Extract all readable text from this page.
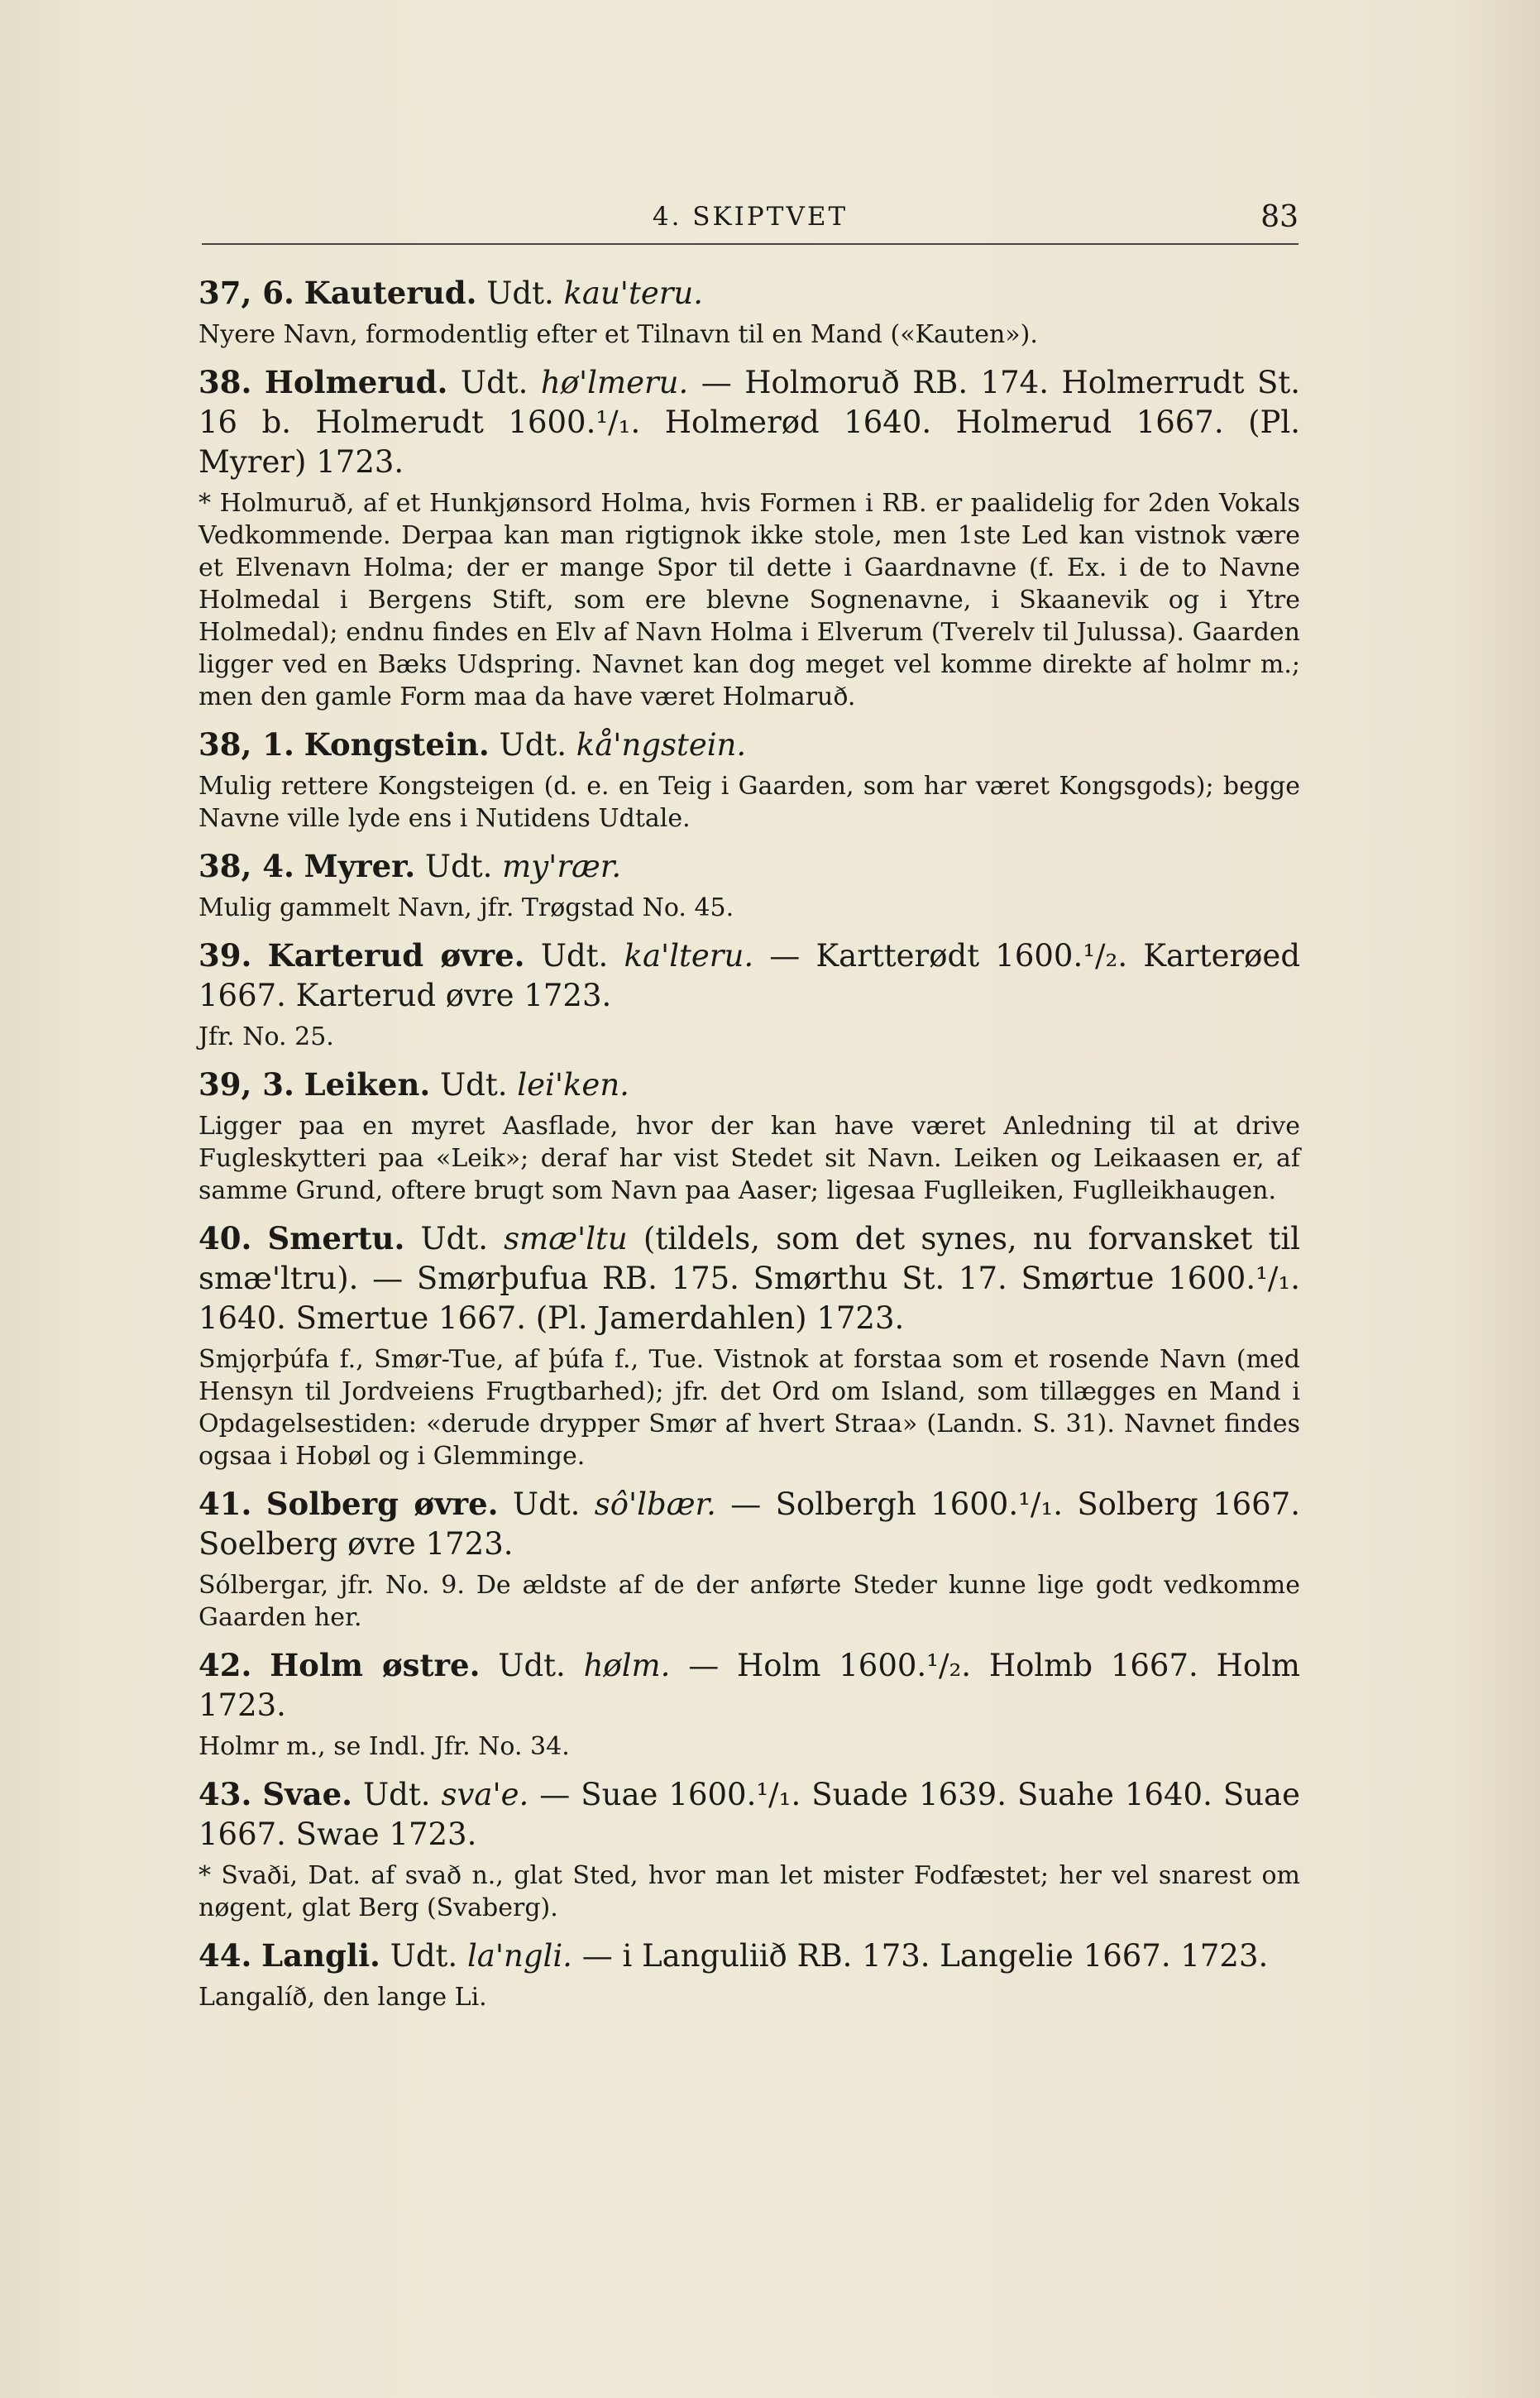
4. SKIPTVET	83

37, 6. Kauterud. Udt. kau'teru.

Nyere Navn, formodentlig efter et Tilnavn til en Mand («Kauten»).

38. Holmerud. Udt. hø'lmeru. — Holmoruð RB. 174. Holmerrudt St. 16 b. Holmerudt 1600.¹/₁. Holmerød 1640. Holmerud 1667. (Pl. Myrer) 1723.

* Holmuruð, af et Hunkjønsord Holma, hvis Formen i RB. er paalidelig for 2den Vokals Vedkommende. Derpaa kan man rigtignok ikke stole, men 1ste Led kan vistnok være et Elvenavn Holma; der er mange Spor til dette i Gaardnavne (f. Ex. i de to Navne Holmedal i Bergens Stift, som ere blevne Sognenavne, i Skaanevik og i Ytre Holmedal); endnu findes en Elv af Navn Holma i Elverum (Tverelv til Julussa). Gaarden ligger ved en Bæks Udspring. Navnet kan dog meget vel komme direkte af holmr m.; men den gamle Form maa da have været Holmaruð.

38, 1. Kongstein. Udt. kå'ngstein.

Mulig rettere Kongsteigen (d. e. en Teig i Gaarden, som har været Kongsgods); begge Navne ville lyde ens i Nutidens Udtale.

38, 4. Myrer. Udt. my'rær.

Mulig gammelt Navn, jfr. Trøgstad No. 45.

39. Karterud øvre. Udt. ka'lteru. — Kartterødt 1600.¹/₂. Karterøed 1667. Karterud øvre 1723.

Jfr. No. 25.

39, 3. Leiken. Udt. lei'ken.

Ligger paa en myret Aasflade, hvor der kan have været Anledning til at drive Fugleskytteri paa «Leik»; deraf har vist Stedet sit Navn. Leiken og Leikaasen er, af samme Grund, oftere brugt som Navn paa Aaser; ligesaa Fuglleiken, Fuglleikhaugen.

40. Smertu. Udt. smæ'ltu (tildels, som det synes, nu forvansket til smæ'ltru). — Smørþufua RB. 175. Smørthu St. 17. Smørtue 1600.¹/₁. 1640. Smertue 1667. (Pl. Jamerdahlen) 1723.

Smjǫrþúfa f., Smør-Tue, af þúfa f., Tue. Vistnok at forstaa som et rosende Navn (med Hensyn til Jordveiens Frugtbarhed); jfr. det Ord om Island, som tillægges en Mand i Opdagelsestiden: «derude drypper Smør af hvert Straa» (Landn. S. 31). Navnet findes ogsaa i Hobøl og i Glemminge.

41. Solberg øvre. Udt. sô'lbær. — Solbergh 1600.¹/₁. Solberg 1667. Soelberg øvre 1723.

Sólbergar, jfr. No. 9. De ældste af de der anførte Steder kunne lige godt vedkomme Gaarden her.

42. Holm østre. Udt. hølm. — Holm 1600.¹/₂. Holmb 1667. Holm 1723.

Holmr m., se Indl. Jfr. No. 34.

43. Svae. Udt. sva'e. — Suae 1600.¹/₁. Suade 1639. Suahe 1640. Suae 1667. Swae 1723.

* Svaði, Dat. af svað n., glat Sted, hvor man let mister Fodfæstet; her vel snarest om nøgent, glat Berg (Svaberg).

44. Langli. Udt. la'ngli. — i Languliið RB. 173. Langelie 1667. 1723.

Langalíð, den lange Li.
